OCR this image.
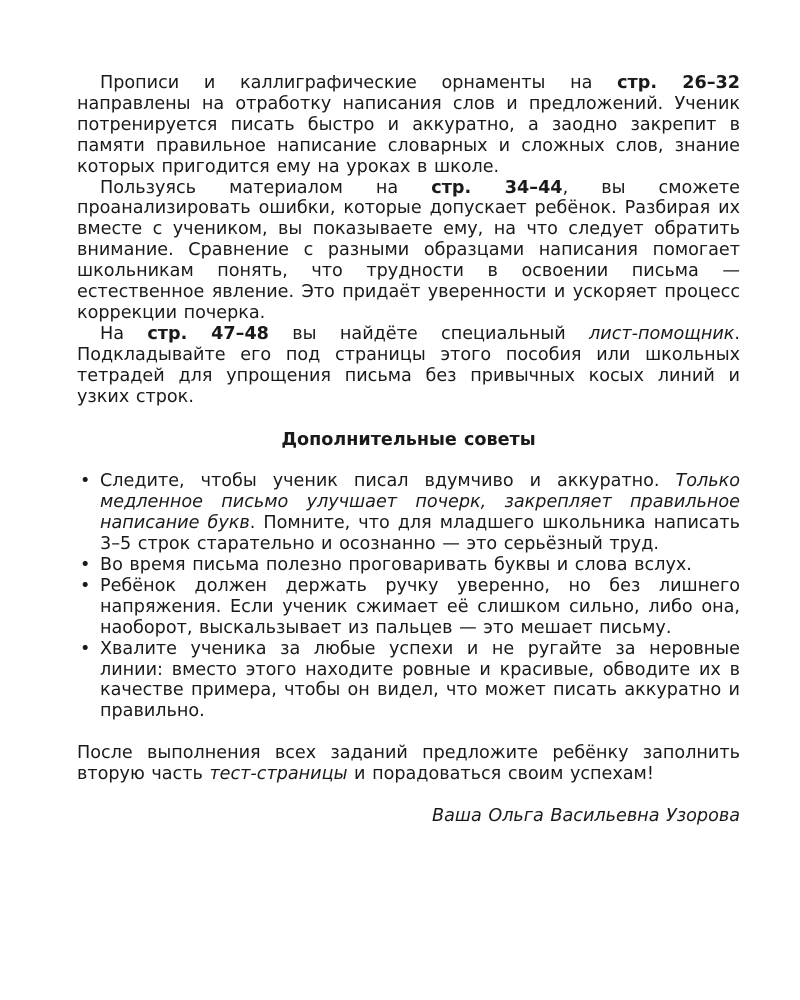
Прописи и каллиграфические орнаменты на стр. 26–32 направлены на отработку написания слов и предложений. Ученик потренируется писать быстро и аккуратно, а заодно закрепит в памяти правильное написание словарных и сложных слов, знание которых пригодится ему на уроках в школе.

Пользуясь материалом на стр. 34–44, вы сможете проанализировать ошибки, которые допускает ребёнок. Разбирая их вместе с учеником, вы показываете ему, на что следует обратить внимание. Сравнение с разными образцами написания помогает школьникам понять, что трудности в освоении письма — естественное явление. Это придаёт уверенности и ускоряет процесс коррекции почерка.

На стр. 47–48 вы найдёте специальный лист-помощник. Подкладывайте его под страницы этого пособия или школьных тетрадей для упрощения письма без привычных косых линий и узких строк.

Дополнительные советы

• Следите, чтобы ученик писал вдумчиво и аккуратно. Только медленное письмо улучшает почерк, закрепляет правильное написание букв. Помните, что для младшего школьника написать 3–5 строк старательно и осознанно — это серьёзный труд.
• Во время письма полезно проговаривать буквы и слова вслух.
• Ребёнок должен держать ручку уверенно, но без лишнего напряжения. Если ученик сжимает её слишком сильно, либо она, наоборот, выскальзывает из пальцев — это мешает письму.
• Хвалите ученика за любые успехи и не ругайте за неровные линии: вместо этого находите ровные и красивые, обводите их в качестве примера, чтобы он видел, что может писать аккуратно и правильно.

После выполнения всех заданий предложите ребёнку заполнить вторую часть тест-страницы и порадоваться своим успехам!

Ваша Ольга Васильевна Узорова
